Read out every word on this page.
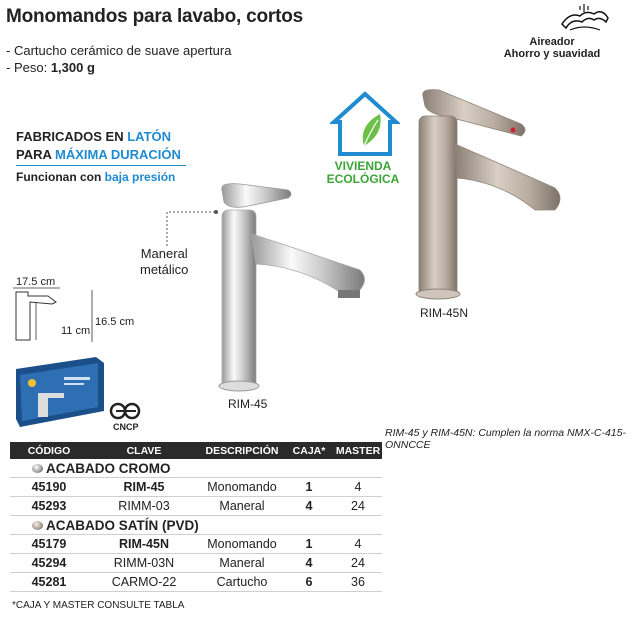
Monomandos para lavabo, cortos
- Cartucho cerámico de suave apertura
- Peso: 1,300 g
Aireador
Ahorro y suavidad
FABRICADOS EN LATÓN
PARA MÁXIMA DURACIÓN
Funcionan con baja presión
VIVIENDA
ECOLÓGICA
Maneral
metálico
RIM-45
RIM-45N
17.5 cm
11 cm
16.5 cm
CNCP	RIM-45 y RIM-45N: Cumplen la norma NMX-C-415-ONNCCE
CÓDIGO	CLAVE	DESCRIPCIÓN	CAJA*	MASTER
ACABADO CROMO				
45190	RIM-45	Monomando	1	4
45293	RIMM-03	Maneral	4	24
ACABADO SATÍN (PVD)				
45179	RIM-45N	Monomando	1	4
45294	RIMM-03N	Maneral	4	24
45281	CARMO-22	Cartucho	6	36
*CAJA Y MASTER CONSULTE TABLA
